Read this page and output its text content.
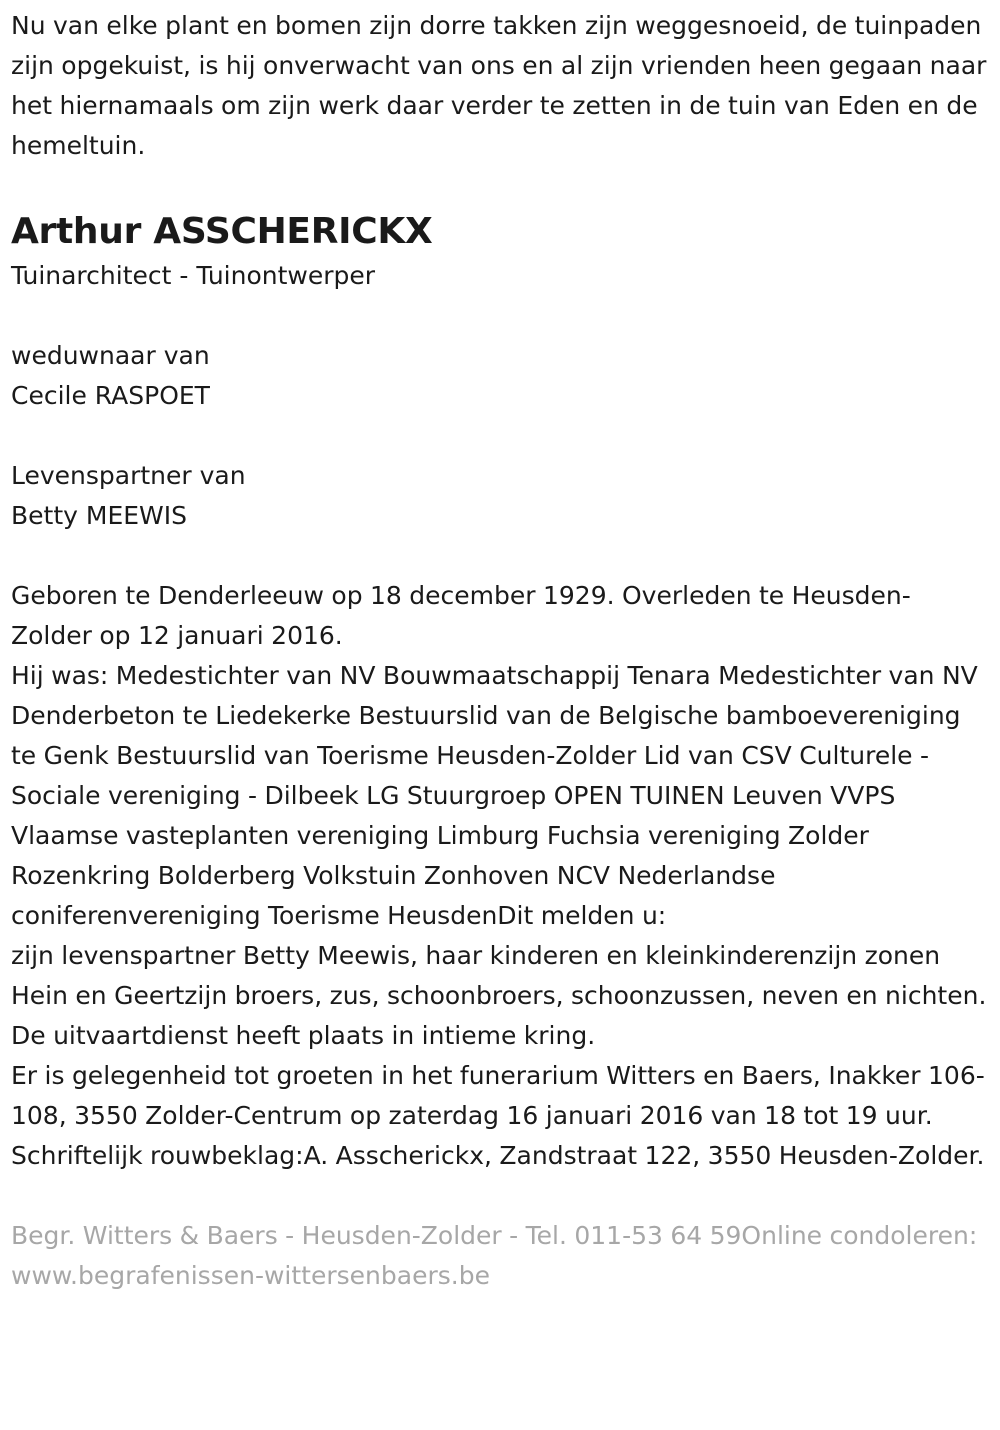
Nu van elke plant en bomen zijn dorre takken zijn weggesnoeid, de tuinpaden zijn opgekuist, is hij onverwacht van ons en al zijn vrienden heen gegaan naar het hiernamaals om zijn werk daar verder te zetten in de tuin van Eden en de hemeltuin.

Arthur ASSCHERICKX
Tuinarchitect - Tuinontwerper
weduwnaar van
Cecile RASPOET
Levenspartner van
Betty MEEWIS

Geboren te Denderleeuw op 18 december 1929. Overleden te Heusden-Zolder op 12 januari 2016.

Hij was: Medestichter van NV Bouwmaatschappij Tenara Medestichter van NV Denderbeton te Liedekerke Bestuurslid van de Belgische bamboevereniging te Genk Bestuurslid van Toerisme Heusden-Zolder Lid van CSV Culturele - Sociale vereniging - Dilbeek LG Stuurgroep OPEN TUINEN Leuven VVPS Vlaamse vasteplanten vereniging Limburg Fuchsia vereniging Zolder Rozenkring Bolderberg Volkstuin Zonhoven NCV Nederlandse coniferenvereniging Toerisme HeusdenDit melden u:

zijn levenspartner Betty Meewis, haar kinderen en kleinkinderenzijn zonen Hein en Geertzijn broers, zus, schoonbroers, schoonzussen, neven en nichten.

De uitvaartdienst heeft plaats in intieme kring.

Er is gelegenheid tot groeten in het funerarium Witters en Baers, Inakker 106-108, 3550 Zolder-Centrum op zaterdag 16 januari 2016 van 18 tot 19 uur.

Schriftelijk rouwbeklag:A. Asscherickx, Zandstraat 122, 3550 Heusden-Zolder.

Begr. Witters & Baers - Heusden-Zolder - Tel. 011-53 64 59Online condoleren: www.begrafenissen-wittersenbaers.be
